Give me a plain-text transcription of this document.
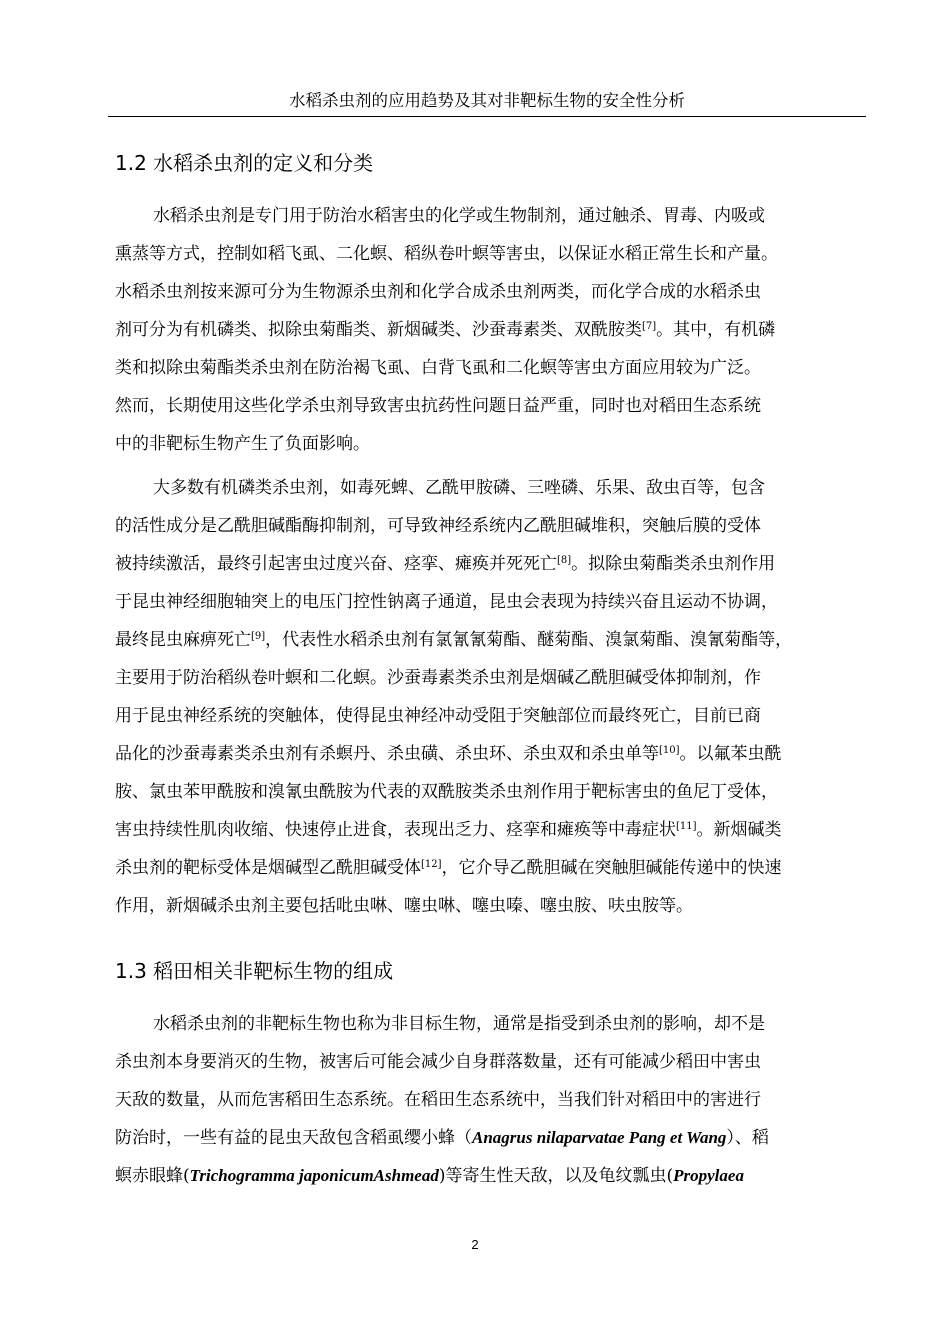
水稻杀虫剂的应用趋势及其对非靶标生物的安全性分析
1.2 水稻杀虫剂的定义和分类
水稻杀虫剂是专门用于防治水稻害虫的化学或生物制剂，通过触杀、胃毒、内吸或
熏蒸等方式，控制如稻飞虱、二化螟、稻纵卷叶螟等害虫，以保证水稻正常生长和产量。
水稻杀虫剂按来源可分为生物源杀虫剂和化学合成杀虫剂两类，而化学合成的水稻杀虫
剂可分为有机磷类、拟除虫菊酯类、新烟碱类、沙蚕毒素类、双酰胺类[7]。其中，有机磷
类和拟除虫菊酯类杀虫剂在防治褐飞虱、白背飞虱和二化螟等害虫方面应用较为广泛。
然而，长期使用这些化学杀虫剂导致害虫抗药性问题日益严重，同时也对稻田生态系统
中的非靶标生物产生了负面影响。
大多数有机磷类杀虫剂，如毒死蜱、乙酰甲胺磷、三唑磷、乐果、敌虫百等，包含
的活性成分是乙酰胆碱酯酶抑制剂，可导致神经系统内乙酰胆碱堆积，突触后膜的受体
被持续激活，最终引起害虫过度兴奋、痉挛、瘫痪并死死亡[8]。拟除虫菊酯类杀虫剂作用
于昆虫神经细胞轴突上的电压门控性钠离子通道，昆虫会表现为持续兴奋且运动不协调，
最终昆虫麻痹死亡[9]，代表性水稻杀虫剂有氯氰氰菊酯、醚菊酯、溴氯菊酯、溴氰菊酯等，
主要用于防治稻纵卷叶螟和二化螟。沙蚕毒素类杀虫剂是烟碱乙酰胆碱受体抑制剂，作
用于昆虫神经系统的突触体，使得昆虫神经冲动受阻于突触部位而最终死亡，目前已商
品化的沙蚕毒素类杀虫剂有杀螟丹、杀虫磺、杀虫环、杀虫双和杀虫单等[10]。以氟苯虫酰
胺、氯虫苯甲酰胺和溴氰虫酰胺为代表的双酰胺类杀虫剂作用于靶标害虫的鱼尼丁受体，
害虫持续性肌肉收缩、快速停止进食，表现出乏力、痉挛和瘫痪等中毒症状[11]。新烟碱类
杀虫剂的靶标受体是烟碱型乙酰胆碱受体[12]，它介导乙酰胆碱在突触胆碱能传递中的快速
作用，新烟碱杀虫剂主要包括吡虫啉、噻虫啉、噻虫嗪、噻虫胺、呋虫胺等。
1.3 稻田相关非靶标生物的组成
水稻杀虫剂的非靶标生物也称为非目标生物，通常是指受到杀虫剂的影响，却不是
杀虫剂本身要消灭的生物，被害后可能会减少自身群落数量，还有可能减少稻田中害虫
天敌的数量，从而危害稻田生态系统。在稻田生态系统中，当我们针对稻田中的害进行
防治时，一些有益的昆虫天敌包含稻虱缨小蜂（Anagrus nilaparvatae Pang et Wang）、稻
螟赤眼蜂(Trichogramma japonicumAshmead)等寄生性天敌，以及龟纹瓢虫(Propylaea
2
